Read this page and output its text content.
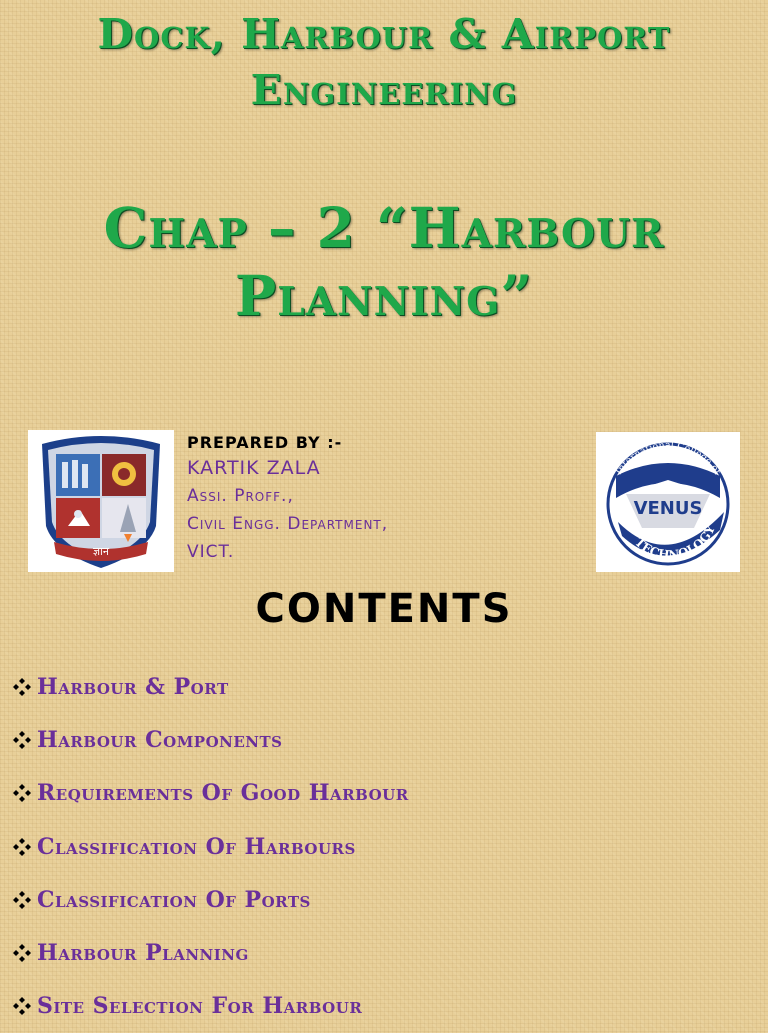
Dock, Harbour & Airport
Engineering
Chap – 2 “Harbour
Planning”
ज्ञान
PREPARED BY :-
KARTIK ZALA
Assi. Proff.,
Civil Engg. Department,
VICT.
International College of
VENUS
TECHNOLOGY
CONTENTS
Harbour & Port
Harbour Components
Requirements Of Good Harbour
Classification Of Harbours
Classification Of Ports
Harbour Planning
Site Selection For Harbour
